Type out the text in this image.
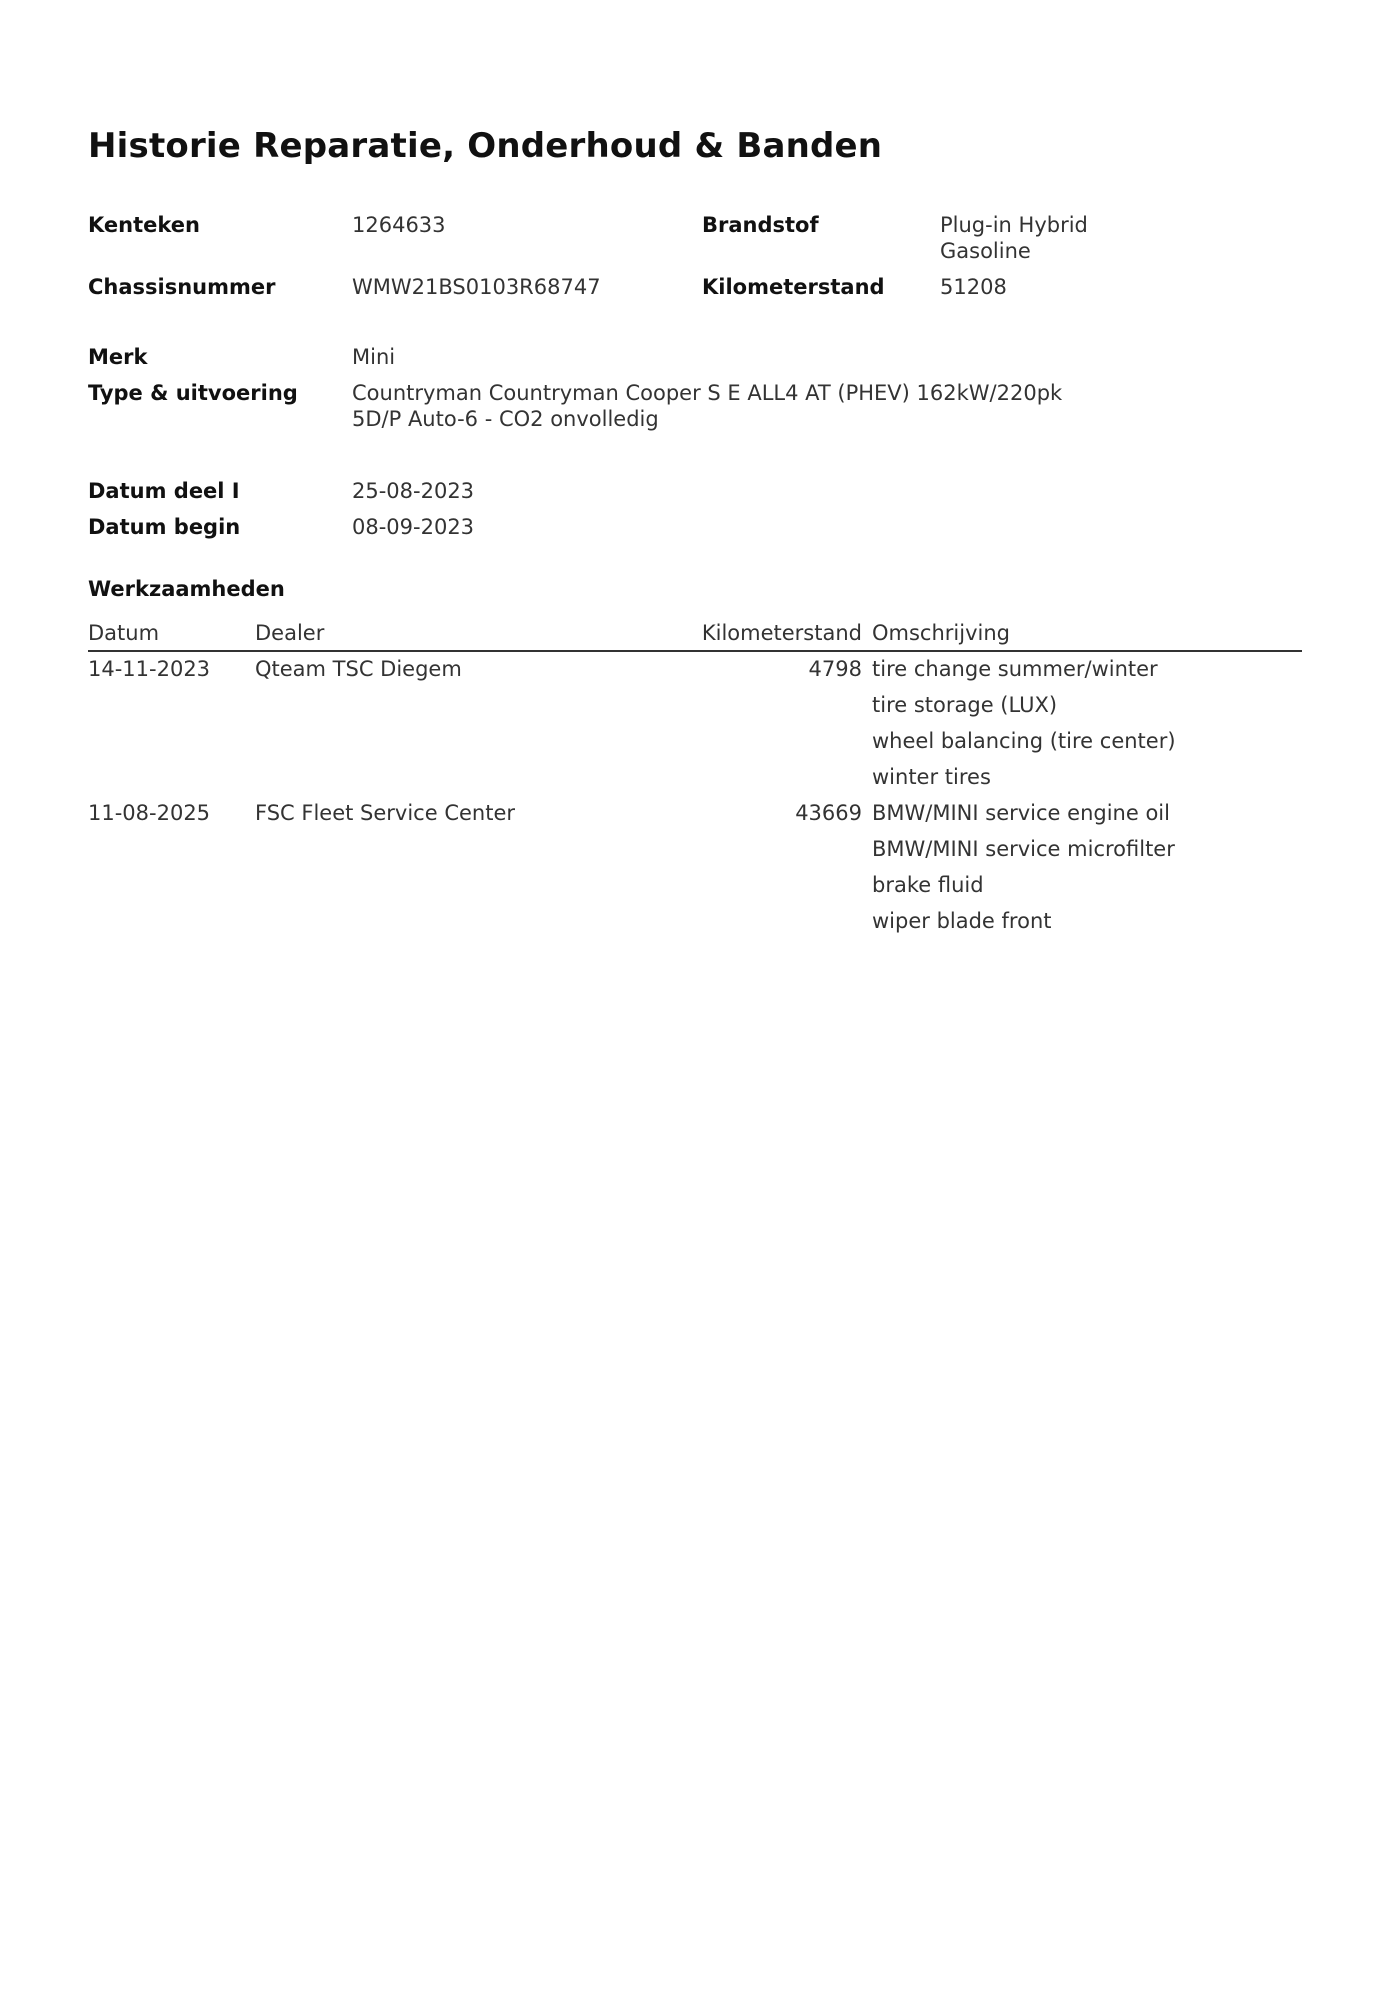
Historie Reparatie, Onderhoud & Banden
Kenteken	1264633	Brandstof	Plug-in Hybrid
Gasoline
Chassisnummer	WMW21BS0103R68747	Kilometerstand	51208
Merk	Mini
Type & uitvoering	Countryman Countryman Cooper S E ALL4 AT (PHEV) 162kW/220pk
5D/P Auto-6 - CO2 onvolledig
Datum deel I	25-08-2023
Datum begin	08-09-2023
Werkzaamheden
Datum	Dealer	Kilometerstand Omschrijving
14-11-2023 Qteam TSC Diegem	4798 tire change summer/winter
tire storage (LUX)
wheel balancing (tire center)
winter tires
11-08-2025 FSC Fleet Service Center	43669 BMW/MINI service engine oil
BMW/MINI service microfilter
brake fluid
wiper blade front
